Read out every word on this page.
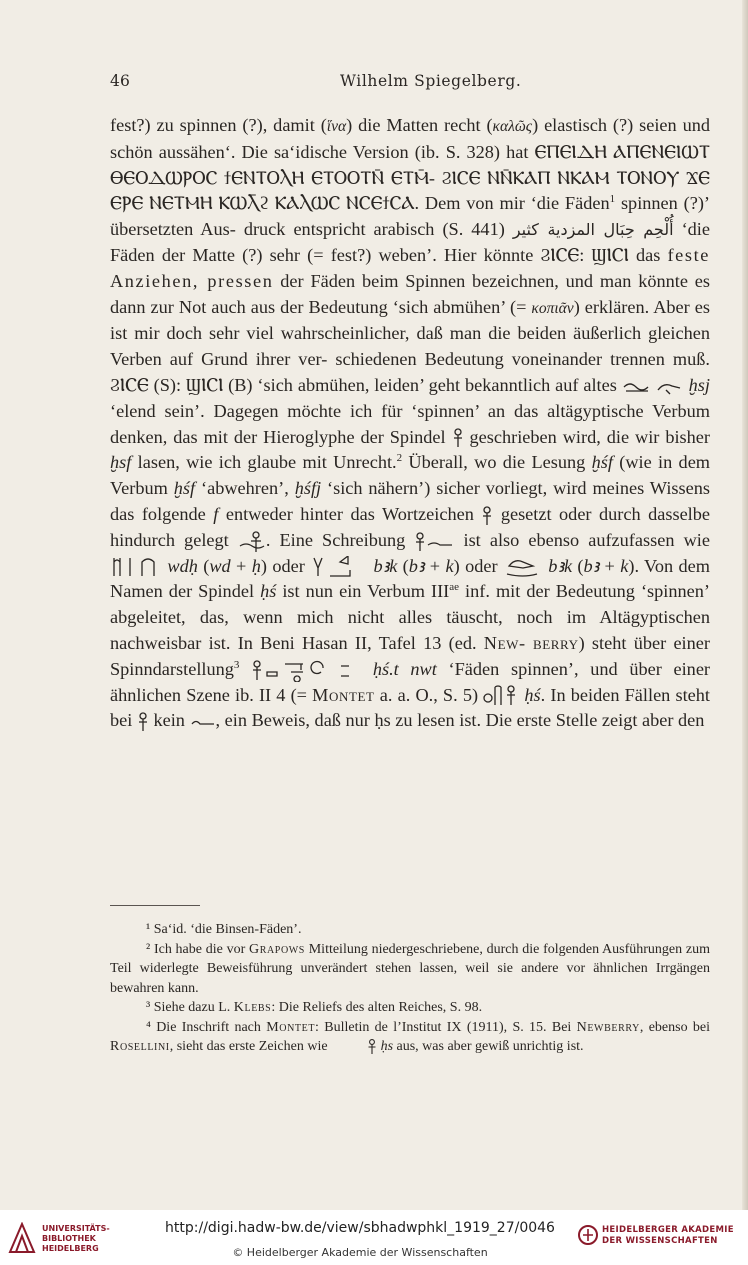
46	Wilhelm Spiegelberg.

fest?) zu spinnen (?), damit (ἵνα) die Matten recht (καλῶς) elastisch (?) seien und schön aussähen‘. Die sa‘idische Version (ib. S. 328) hat ⲈⲠⲈⲒⲆⲎ ⲀⲠⲈⲚⲈⲒⲰⲦ ⲐⲈⲞⲆⲰⲢⲞⲤ ϯⲈⲚⲦⲞⲖⲎ ⲈⲦⲞⲞⲦⲚ̄ ⲈⲦⲘ̄- ϨⲒⲤⲈ ⲚⲚ̄ⲔⲀⲠ ⲚⲔⲀⲘ ⲦⲞⲚⲞⲨ ϪⲈ ⲈⲢⲈ ⲚⲈⲦⲘⲎ ⲔⲰⲖ̄ϩ ⲔⲀⲖⲰⲤ ⲚⲤⲈϯⲤⲀ. Dem von mir ‘die Fäden$^1$ spinnen (?)’ übersetzten Aus- druck entspricht arabisch (S. 441) أُلْحِم حِبَال المزدية كثير ‘die Fäden der Matte (?) sehr (= fest?) weben’. Hier könnte ϨⲒⲤⲈ: ϢⲒⲤⲒ das feste Anziehen, pressen der Fäden beim Spinnen bezeichnen, und man könnte es dann zur Not auch aus der Bedeutung ‘sich abmühen’ (= κοπιᾶν) erklären. Aber es ist mir doch sehr viel wahrscheinlicher, daß man die beiden äußerlich gleichen Verben auf Grund ihrer ver- schiedenen Bedeutung voneinander trennen muß. ϨⲒⲤⲈ (S): ϢⲒⲤⲒ (B) ‘sich abmühen, leiden’ geht bekanntlich auf altes	ḫsj ‘elend sein’. Dagegen möchte ich für ‘spinnen’ an das altägyptische Verbum denken, das mit der Hieroglyphe der Spindel  geschrieben wird, die wir bisher ḫsf lasen, wie ich glaube mit Unrecht.$^2$ Überall, wo die Lesung ḫśf (wie in dem Verbum ḫśf ‘abwehren’, ḫśfj ‘sich nähern’) sicher vorliegt, wird meines Wissens das folgende f entweder hinter das Wortzeichen  gesetzt oder durch dasselbe hindurch gelegt . Eine Schreibung	ist also ebenso aufzufassen wie  wdḥ (wd + ḥ) oder	bꜣk (bꜣ + k) oder  bꜣk (bꜣ + k). Von dem Namen der Spindel ḥś ist nun ein Verbum $III^{ae}$ inf. mit der Bedeutung ‘spinnen’ abgeleitet, das, wenn mich nicht alles täuscht, noch im Altägyptischen nachweisbar ist. In Beni Hasan II, Tafel 13 (ed. New- berry) steht über einer Spinndarstellung$^3$	ḥś.t nwt ‘Fäden spinnen’, und über einer ähnlichen Szene ib. II 4 (= Montet a. a. O., S. 5)  ḥś. In beiden Fällen steht bei  kein , ein Beweis, daß nur ḥs zu lesen ist. Die erste Stelle zeigt aber den

¹ Sa‘id. ‘die Binsen-Fäden’.

² Ich habe die vor Grapows Mitteilung niedergeschriebene, durch die folgenden Ausführungen zum Teil widerlegte Beweisführung unverändert stehen lassen, weil sie andere vor ähnlichen Irrgängen bewahren kann.

³ Siehe dazu L. Klebs: Die Reliefs des alten Reiches, S. 98.

⁴ Die Inschrift nach Montet: Bulletin de l’Institut IX (1911), S. 15. Bei Newberry, ebenso bei Rosellini, sieht das erste Zeichen wie	ḥs aus, was aber gewiß unrichtig ist.

UNIVERSITÄTS-
BIBLIOTHEK
HEIDELBERG
http://digi.hadw-bw.de/view/sbhadwphkl_1919_27/0046
© Heidelberger Akademie der Wissenschaften
HEIDELBERGER AKADEMIE
DER WISSENSCHAFTEN
